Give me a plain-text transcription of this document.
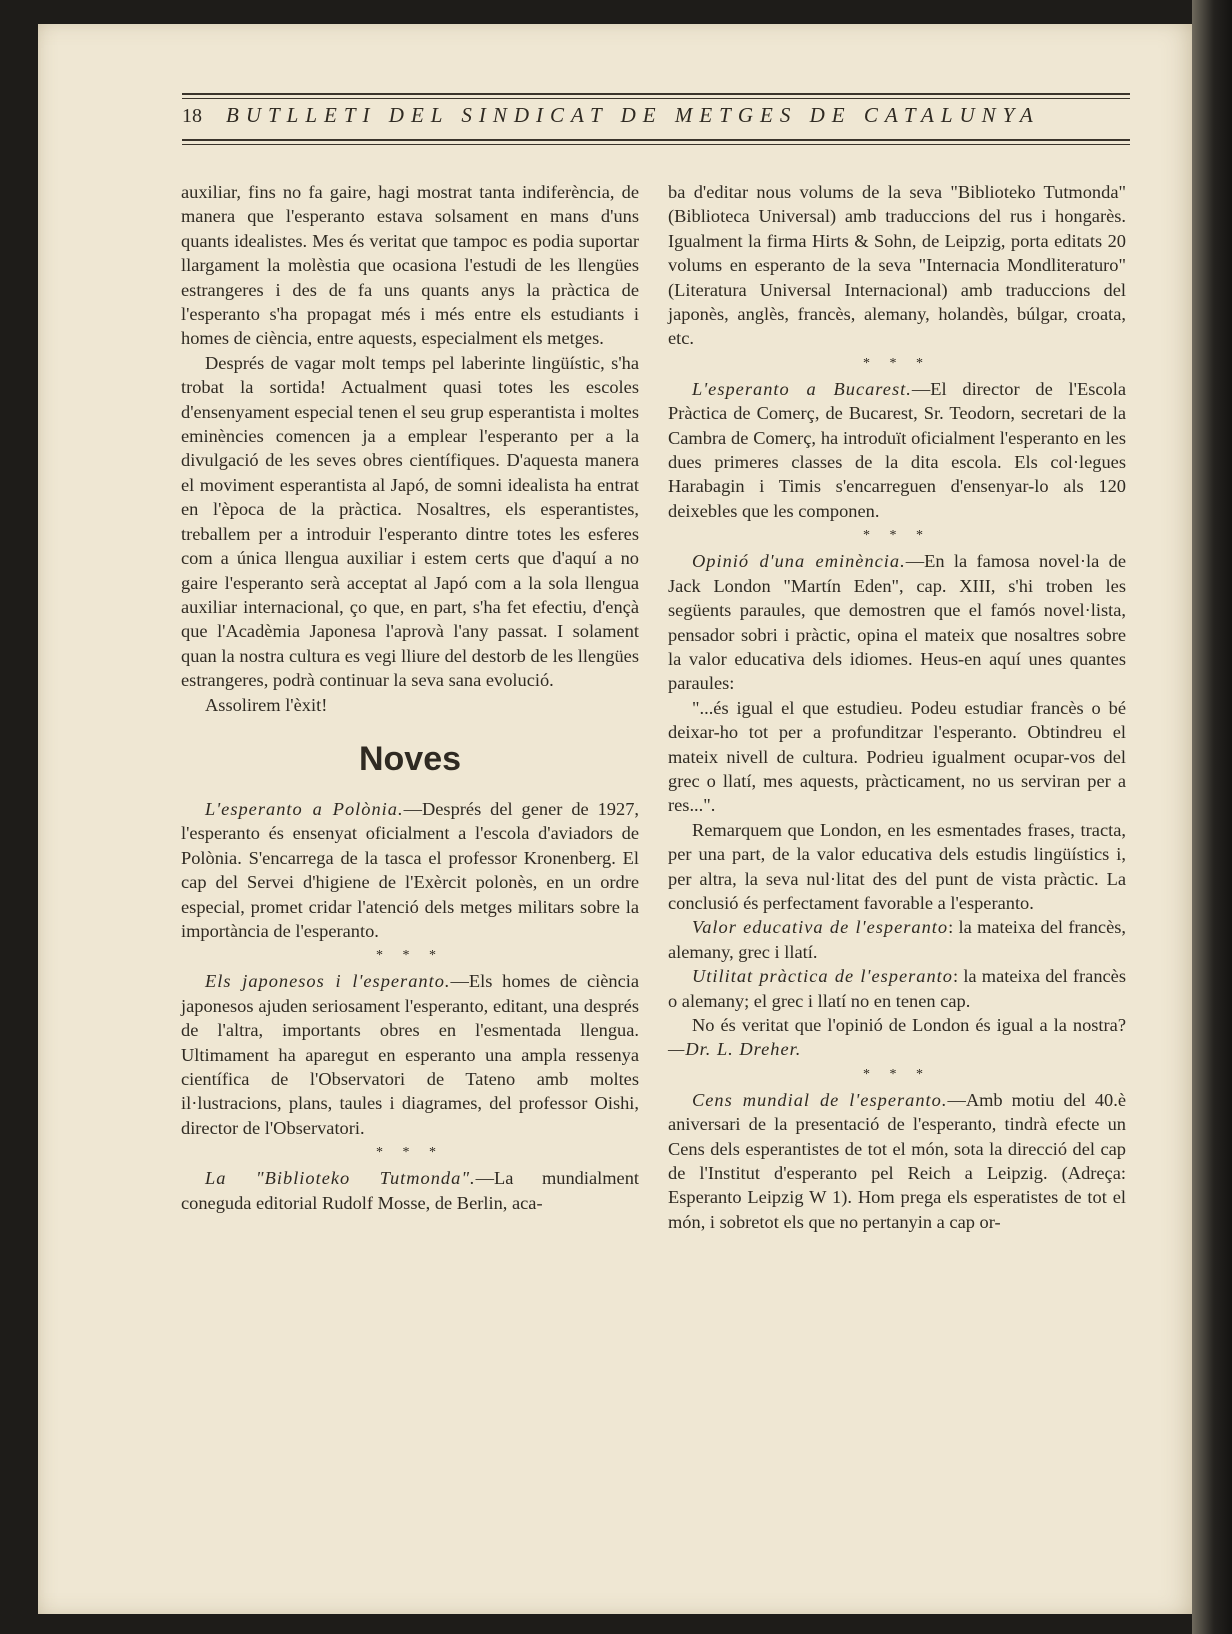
18 BUTLLETI DEL SINDICAT DE METGES DE CATALUNYA

auxiliar, fins no fa gaire, hagi mostrat tanta indiferència, de manera que l'esperanto estava solsament en mans d'uns quants idealistes. Mes és veritat que tampoc es podia suportar llargament la molèstia que ocasiona l'estudi de les llengües estrangeres i des de fa uns quants anys la pràctica de l'esperanto s'ha propagat més i més entre els estudiants i homes de ciència, entre aquests, especialment els metges.

Després de vagar molt temps pel laberinte lingüístic, s'ha trobat la sortida! Actualment quasi totes les escoles d'ensenyament especial tenen el seu grup esperantista i moltes eminències comencen ja a emplear l'esperanto per a la divulgació de les seves obres científiques. D'aquesta manera el moviment esperantista al Japó, de somni idealista ha entrat en l'època de la pràctica. Nosaltres, els esperantistes, treballem per a introduir l'esperanto dintre totes les esferes com a única llengua auxiliar i estem certs que d'aquí a no gaire l'esperanto serà acceptat al Japó com a la sola llengua auxiliar internacional, ço que, en part, s'ha fet efectiu, d'ençà que l'Acadèmia Japonesa l'aprovà l'any passat. I solament quan la nostra cultura es vegi lliure del destorb de les llengües estrangeres, podrà continuar la seva sana evolució.

Assolirem l'èxit!

Noves

L'esperanto a Polònia.—Després del gener de 1927, l'esperanto és ensenyat oficialment a l'escola d'aviadors de Polònia. S'encarrega de la tasca el professor Kronenberg. El cap del Servei d'higiene de l'Exèrcit polonès, en un ordre especial, promet cridar l'atenció dels metges militars sobre la importància de l'esperanto.

* * *

Els japonesos i l'esperanto.—Els homes de ciència japonesos ajuden seriosament l'esperanto, editant, una després de l'altra, importants obres en l'esmentada llengua. Ultimament ha aparegut en esperanto una ampla ressenya científica de l'Observatori de Tateno amb moltes il·lustracions, plans, taules i diagrames, del professor Oishi, director de l'Observatori.

* * *

La "Biblioteko Tutmonda".—La mundialment coneguda editorial Rudolf Mosse, de Berlin, aca-

ba d'editar nous volums de la seva "Biblioteko Tutmonda" (Biblioteca Universal) amb traduccions del rus i hongarès. Igualment la firma Hirts & Sohn, de Leipzig, porta editats 20 volums en esperanto de la seva "Internacia Mondliteraturo" (Literatura Universal Internacional) amb traduccions del japonès, anglès, francès, alemany, holandès, búlgar, croata, etc.

* * *

L'esperanto a Bucarest.—El director de l'Escola Pràctica de Comerç, de Bucarest, Sr. Teodorn, secretari de la Cambra de Comerç, ha introduït oficialment l'esperanto en les dues primeres classes de la dita escola. Els col·legues Harabagin i Timis s'encarreguen d'ensenyar-lo als 120 deixebles que les componen.

* * *

Opinió d'una eminència.—En la famosa novel·la de Jack London "Martín Eden", cap. XIII, s'hi troben les següents paraules, que demostren que el famós novel·lista, pensador sobri i pràctic, opina el mateix que nosaltres sobre la valor educativa dels idiomes. Heus-en aquí unes quantes paraules:

"...és igual el que estudieu. Podeu estudiar francès o bé deixar-ho tot per a profunditzar l'esperanto. Obtindreu el mateix nivell de cultura. Podrieu igualment ocupar-vos del grec o llatí, mes aquests, pràcticament, no us serviran per a res...".

Remarquem que London, en les esmentades frases, tracta, per una part, de la valor educativa dels estudis lingüístics i, per altra, la seva nul·litat des del punt de vista pràctic. La conclusió és perfectament favorable a l'esperanto.

Valor educativa de l'esperanto: la mateixa del francès, alemany, grec i llatí.

Utilitat pràctica de l'esperanto: la mateixa del francès o alemany; el grec i llatí no en tenen cap.

No és veritat que l'opinió de London és igual a la nostra?—Dr. L. Dreher.

* * *

Cens mundial de l'esperanto.—Amb motiu del 40.è aniversari de la presentació de l'esperanto, tindrà efecte un Cens dels esperantistes de tot el món, sota la direcció del cap de l'Institut d'esperanto pel Reich a Leipzig. (Adreça: Esperanto Leipzig W 1). Hom prega els esperatistes de tot el món, i sobretot els que no pertanyin a cap or-
